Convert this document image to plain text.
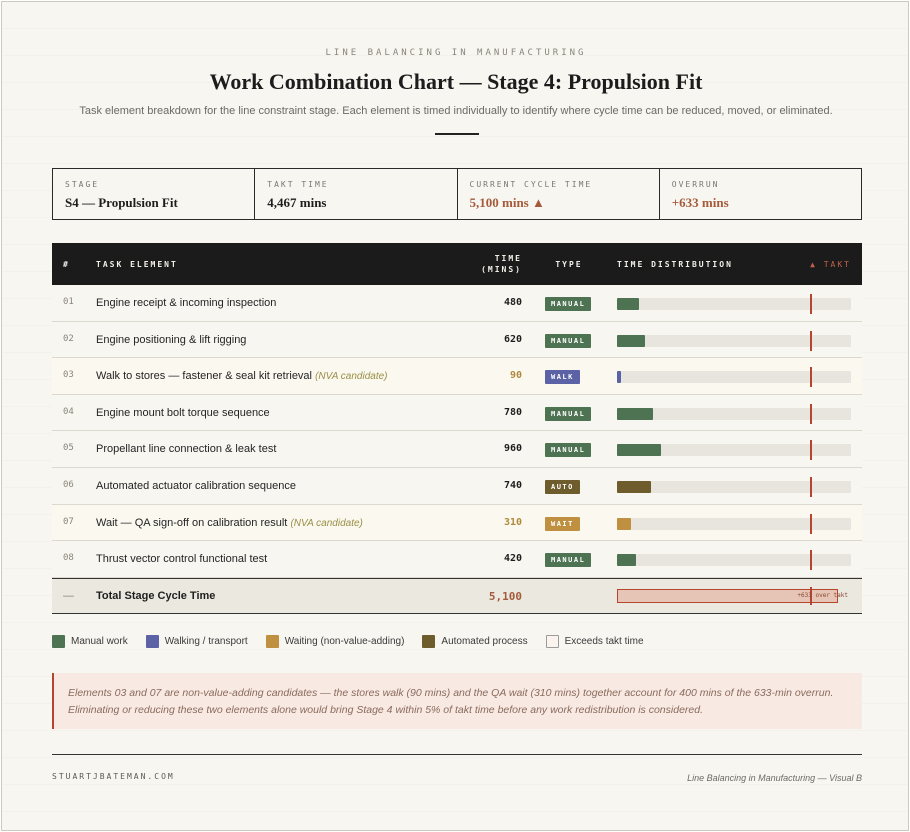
LINE BALANCING IN MANUFACTURING
Work Combination Chart — Stage 4: Propulsion Fit
Task element breakdown for the line constraint stage. Each element is timed individually to identify where cycle time can be reduced, moved, or eliminated.
STAGE
S4 — Propulsion Fit
TAKT TIME
4,467 mins
CURRENT CYCLE TIME
5,100 mins ▲
OVERRUN
+633 mins
#	TASK ELEMENT
TIME (MINS)
TYPE	TIME DISTRIBUTION	▲ TAKT
01 Engine receipt & incoming inspection	480	MANUAL
02 Engine positioning & lift rigging	620	MANUAL
03 Walk to stores — fastener & seal kit retrieval (NVA candidate)	90	WALK
04 Engine mount bolt torque sequence	780	MANUAL
05 Propellant line connection & leak test	960	MANUAL
06 Automated actuator calibration sequence	740	AUTO
07 Wait — QA sign-off on calibration result (NVA candidate)	310	WAIT
08 Thrust vector control functional test	420	MANUAL
— Total Stage Cycle Time	5,100	+633 over takt
Manual work	Walking / transport	Waiting (non-value-adding)	Automated process	Exceeds takt time
Elements 03 and 07 are non-value-adding candidates — the stores walk (90 mins) and the QA wait (310 mins) together account for 400 mins of the 633-min overrun. Eliminating or reducing these two elements alone would bring Stage 4 within 5% of takt time before any work redistribution is considered.
STUARTJBATEMAN.COM	Line Balancing in Manufacturing — Visual B
